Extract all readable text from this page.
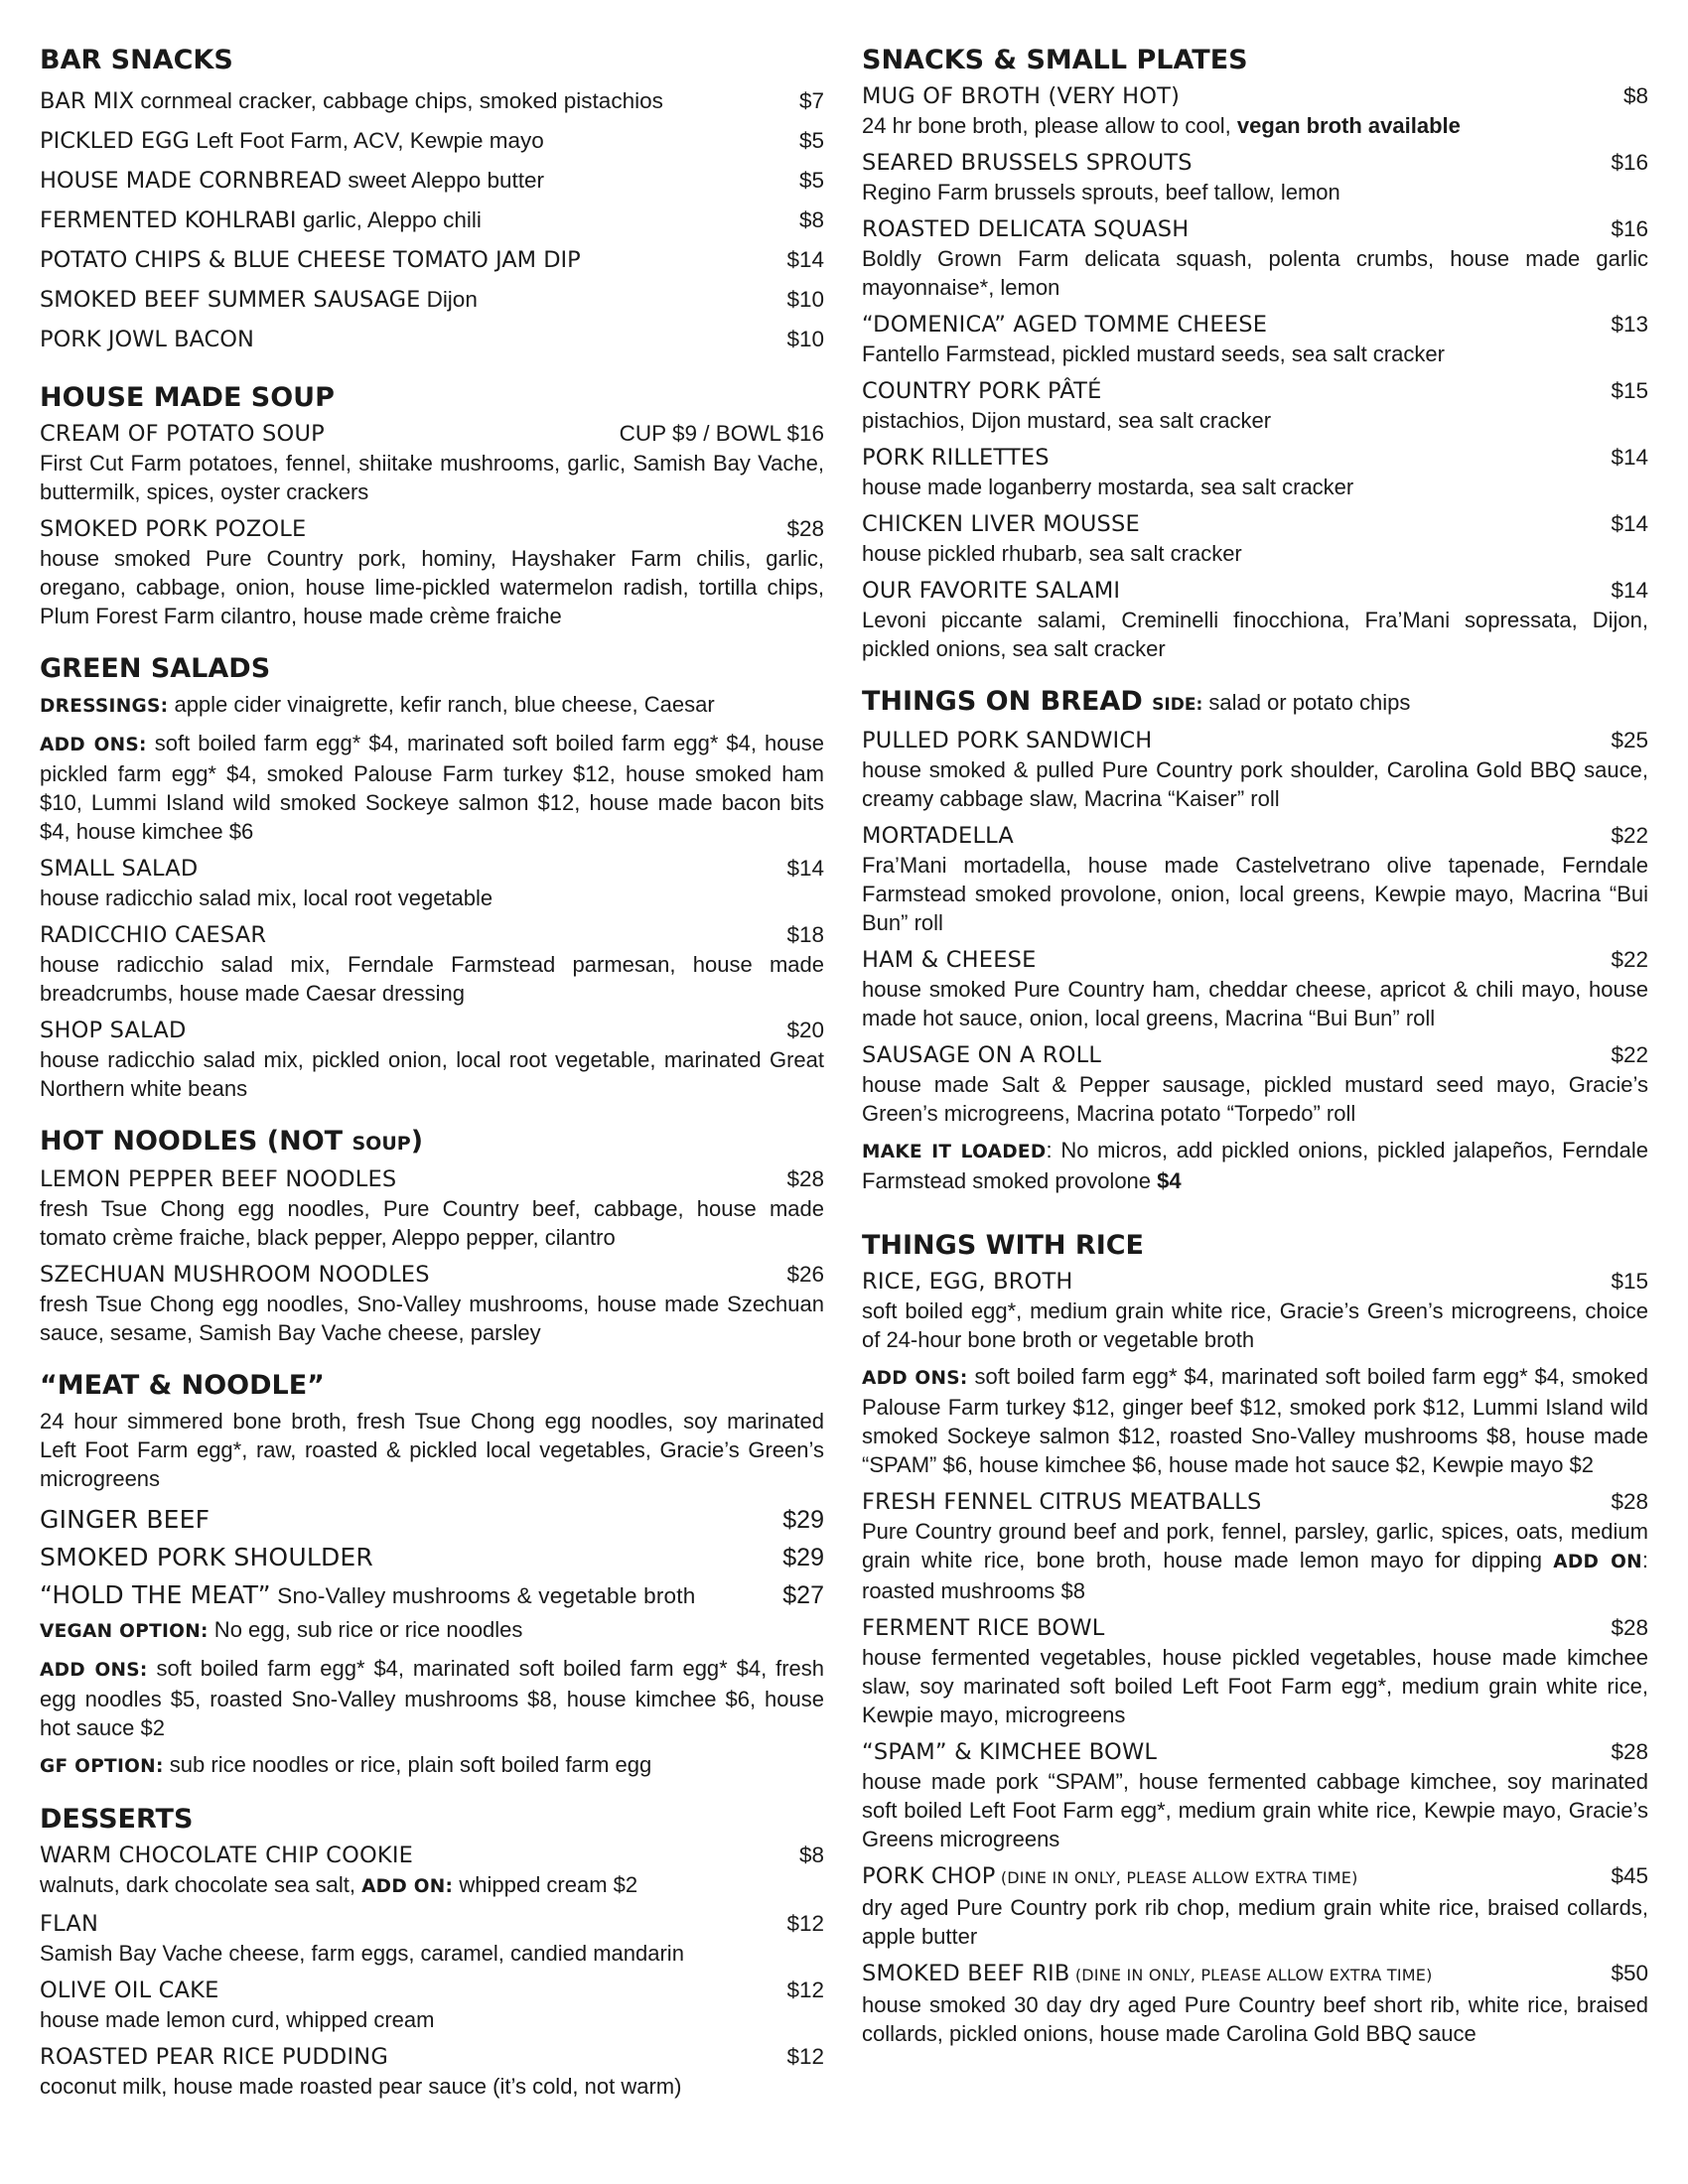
BAR SNACKS
BAR MIX cornmeal cracker, cabbage chips, smoked pistachios	$7
PICKLED EGG Left Foot Farm, ACV, Kewpie mayo	$5
HOUSE MADE CORNBREAD sweet Aleppo butter	$5
FERMENTED KOHLRABI garlic, Aleppo chili	$8
POTATO CHIPS & BLUE CHEESE TOMATO JAM DIP	$14
SMOKED BEEF SUMMER SAUSAGE Dijon	$10
PORK JOWL BACON	$10
HOUSE MADE SOUP
CREAM OF POTATO SOUP	CUP $9 / BOWL $16
First Cut Farm potatoes, fennel, shiitake mushrooms, garlic, Samish Bay Vache, buttermilk, spices, oyster crackers
SMOKED PORK POZOLE	$28
house smoked Pure Country pork, hominy, Hayshaker Farm chilis, garlic, oregano, cabbage, onion, house lime-pickled watermelon radish, tortilla chips, Plum Forest Farm cilantro, house made crème fraiche
GREEN SALADS
DRESSINGS: apple cider vinaigrette, kefir ranch, blue cheese, Caesar
ADD ONS: soft boiled farm egg* $4, marinated soft boiled farm egg* $4, house pickled farm egg* $4, smoked Palouse Farm turkey $12, house smoked ham $10, Lummi Island wild smoked Sockeye salmon $12, house made bacon bits $4, house kimchee $6
SMALL SALAD	$14
house radicchio salad mix, local root vegetable
RADICCHIO CAESAR	$18
house radicchio salad mix, Ferndale Farmstead parmesan, house made breadcrumbs, house made Caesar dressing
SHOP SALAD	$20
house radicchio salad mix, pickled onion, local root vegetable, marinated Great Northern white beans
HOT NOODLES (NOT SOUP)
LEMON PEPPER BEEF NOODLES	$28
fresh Tsue Chong egg noodles, Pure Country beef, cabbage, house made tomato crème fraiche, black pepper, Aleppo pepper, cilantro
SZECHUAN MUSHROOM NOODLES	$26
fresh Tsue Chong egg noodles, Sno-Valley mushrooms, house made Szechuan sauce, sesame, Samish Bay Vache cheese, parsley
“MEAT & NOODLE”
24 hour simmered bone broth, fresh Tsue Chong egg noodles, soy marinated Left Foot Farm egg*, raw, roasted & pickled local vegetables, Gracie’s Green’s microgreens
GINGER BEEF	$29
SMOKED PORK SHOULDER	$29
“HOLD THE MEAT” Sno-Valley mushrooms & vegetable broth	$27
VEGAN OPTION: No egg, sub rice or rice noodles
ADD ONS: soft boiled farm egg* $4, marinated soft boiled farm egg* $4, fresh egg noodles $5, roasted Sno-Valley mushrooms $8, house kimchee $6, house hot sauce $2
GF OPTION: sub rice noodles or rice, plain soft boiled farm egg
DESSERTS
WARM CHOCOLATE CHIP COOKIE	$8
walnuts, dark chocolate sea salt, ADD ON: whipped cream $2
FLAN	$12
Samish Bay Vache cheese, farm eggs, caramel, candied mandarin
OLIVE OIL CAKE	$12
house made lemon curd, whipped cream
ROASTED PEAR RICE PUDDING	$12
coconut milk, house made roasted pear sauce (it’s cold, not warm)
SNACKS & SMALL PLATES
MUG OF BROTH (VERY HOT)	$8
24 hr bone broth, please allow to cool, vegan broth available
SEARED BRUSSELS SPROUTS	$16
Regino Farm brussels sprouts, beef tallow, lemon
ROASTED DELICATA SQUASH	$16
Boldly Grown Farm delicata squash, polenta crumbs, house made garlic mayonnaise*, lemon
“DOMENICA” AGED TOMME CHEESE	$13
Fantello Farmstead, pickled mustard seeds, sea salt cracker
COUNTRY PORK PÂTÉ	$15
pistachios, Dijon mustard, sea salt cracker
PORK RILLETTES	$14
house made loganberry mostarda, sea salt cracker
CHICKEN LIVER MOUSSE	$14
house pickled rhubarb, sea salt cracker
OUR FAVORITE SALAMI	$14
Levoni piccante salami, Creminelli finocchiona, Fra’Mani sopressata, Dijon, pickled onions, sea salt cracker
THINGS ON BREAD SIDE: salad or potato chips
PULLED PORK SANDWICH	$25
house smoked & pulled Pure Country pork shoulder, Carolina Gold BBQ sauce, creamy cabbage slaw, Macrina “Kaiser” roll
MORTADELLA	$22
Fra’Mani mortadella, house made Castelvetrano olive tapenade, Ferndale Farmstead smoked provolone, onion, local greens, Kewpie mayo, Macrina “Bui Bun” roll
HAM & CHEESE	$22
house smoked Pure Country ham, cheddar cheese, apricot & chili mayo, house made hot sauce, onion, local greens, Macrina “Bui Bun” roll
SAUSAGE ON A ROLL	$22
house made Salt & Pepper sausage, pickled mustard seed mayo, Gracie’s Green’s microgreens, Macrina potato “Torpedo” roll
MAKE IT LOADED: No micros, add pickled onions, pickled jalapeños, Ferndale Farmstead smoked provolone $4
THINGS WITH RICE
RICE, EGG, BROTH	$15
soft boiled egg*, medium grain white rice, Gracie’s Green’s microgreens, choice of 24-hour bone broth or vegetable broth
ADD ONS: soft boiled farm egg* $4, marinated soft boiled farm egg* $4, smoked Palouse Farm turkey $12, ginger beef $12, smoked pork $12, Lummi Island wild smoked Sockeye salmon $12, roasted Sno-Valley mushrooms $8, house made “SPAM” $6, house kimchee $6, house made hot sauce $2, Kewpie mayo $2
FRESH FENNEL CITRUS MEATBALLS	$28
Pure Country ground beef and pork, fennel, parsley, garlic, spices, oats, medium grain white rice, bone broth, house made lemon mayo for dipping ADD ON: roasted mushrooms $8
FERMENT RICE BOWL	$28
house fermented vegetables, house pickled vegetables, house made kimchee slaw, soy marinated soft boiled Left Foot Farm egg*, medium grain white rice, Kewpie mayo, microgreens
“SPAM” & KIMCHEE BOWL	$28
house made pork “SPAM”, house fermented cabbage kimchee, soy marinated soft boiled Left Foot Farm egg*, medium grain white rice, Kewpie mayo, Gracie’s Greens microgreens
PORK CHOP (DINE IN ONLY, PLEASE ALLOW EXTRA TIME)	$45
dry aged Pure Country pork rib chop, medium grain white rice, braised collards, apple butter
SMOKED BEEF RIB (DINE IN ONLY, PLEASE ALLOW EXTRA TIME)	$50
house smoked 30 day dry aged Pure Country beef short rib, white rice, braised collards, pickled onions, house made Carolina Gold BBQ sauce
